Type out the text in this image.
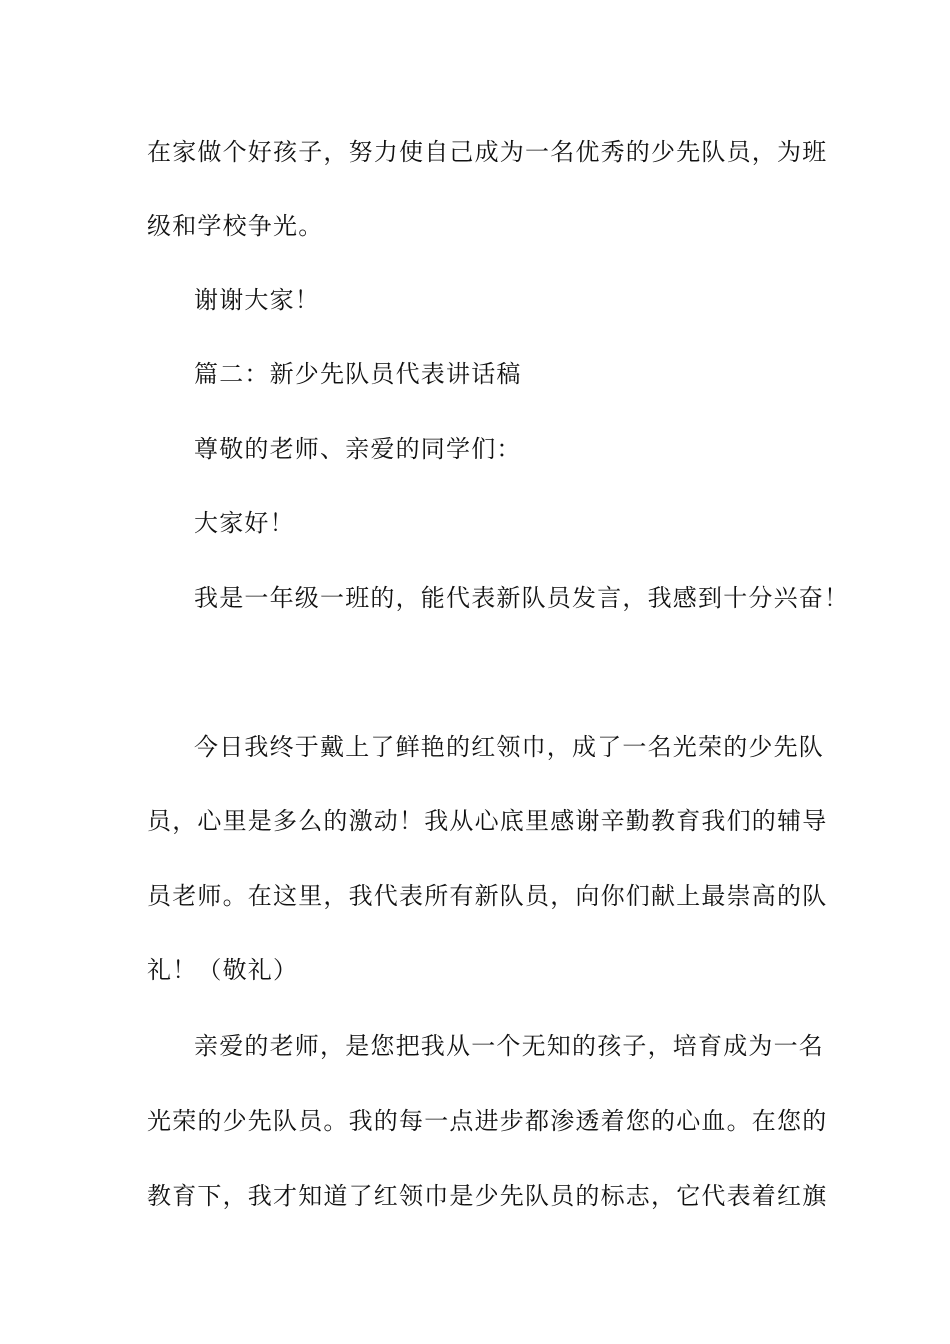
在家做个好孩子，努力使自己成为一名优秀的少先队员，为班
级和学校争光。
谢谢大家！
篇二：新少先队员代表讲话稿
尊敬的老师、亲爱的同学们：
大家好！
我是一年级一班的，能代表新队员发言，我感到十分兴奋！
今日我终于戴上了鲜艳的红领巾，成了一名光荣的少先队
员，心里是多么的激动！我从心底里感谢辛勤教育我们的辅导
员老师。在这里，我代表所有新队员，向你们献上最崇高的队
礼！（敬礼）
亲爱的老师，是您把我从一个无知的孩子，培育成为一名
光荣的少先队员。我的每一点进步都渗透着您的心血。在您的
教育下，我才知道了红领巾是少先队员的标志，它代表着红旗
